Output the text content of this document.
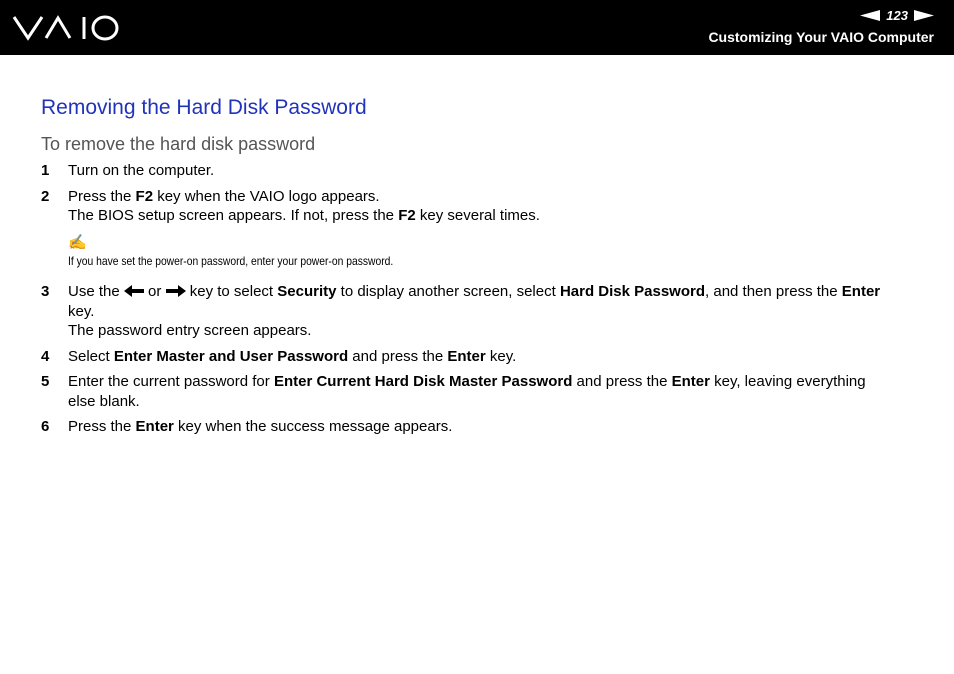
123
Customizing Your VAIO Computer
Removing the Hard Disk Password
To remove the hard disk password
1	Turn on the computer.
2	Press the F2 key when the VAIO logo appears.
The BIOS setup screen appears. If not, press the F2 key several times.
✍
If you have set the power-on password, enter your power-on password.
3	Use the  or  key to select Security to display another screen, select Hard Disk Password, and then press the Enter
key.
The password entry screen appears.
4	Select Enter Master and User Password and press the Enter key.
5	Enter the current password for Enter Current Hard Disk Master Password and press the Enter key, leaving everything
else blank.
6	Press the Enter key when the success message appears.
